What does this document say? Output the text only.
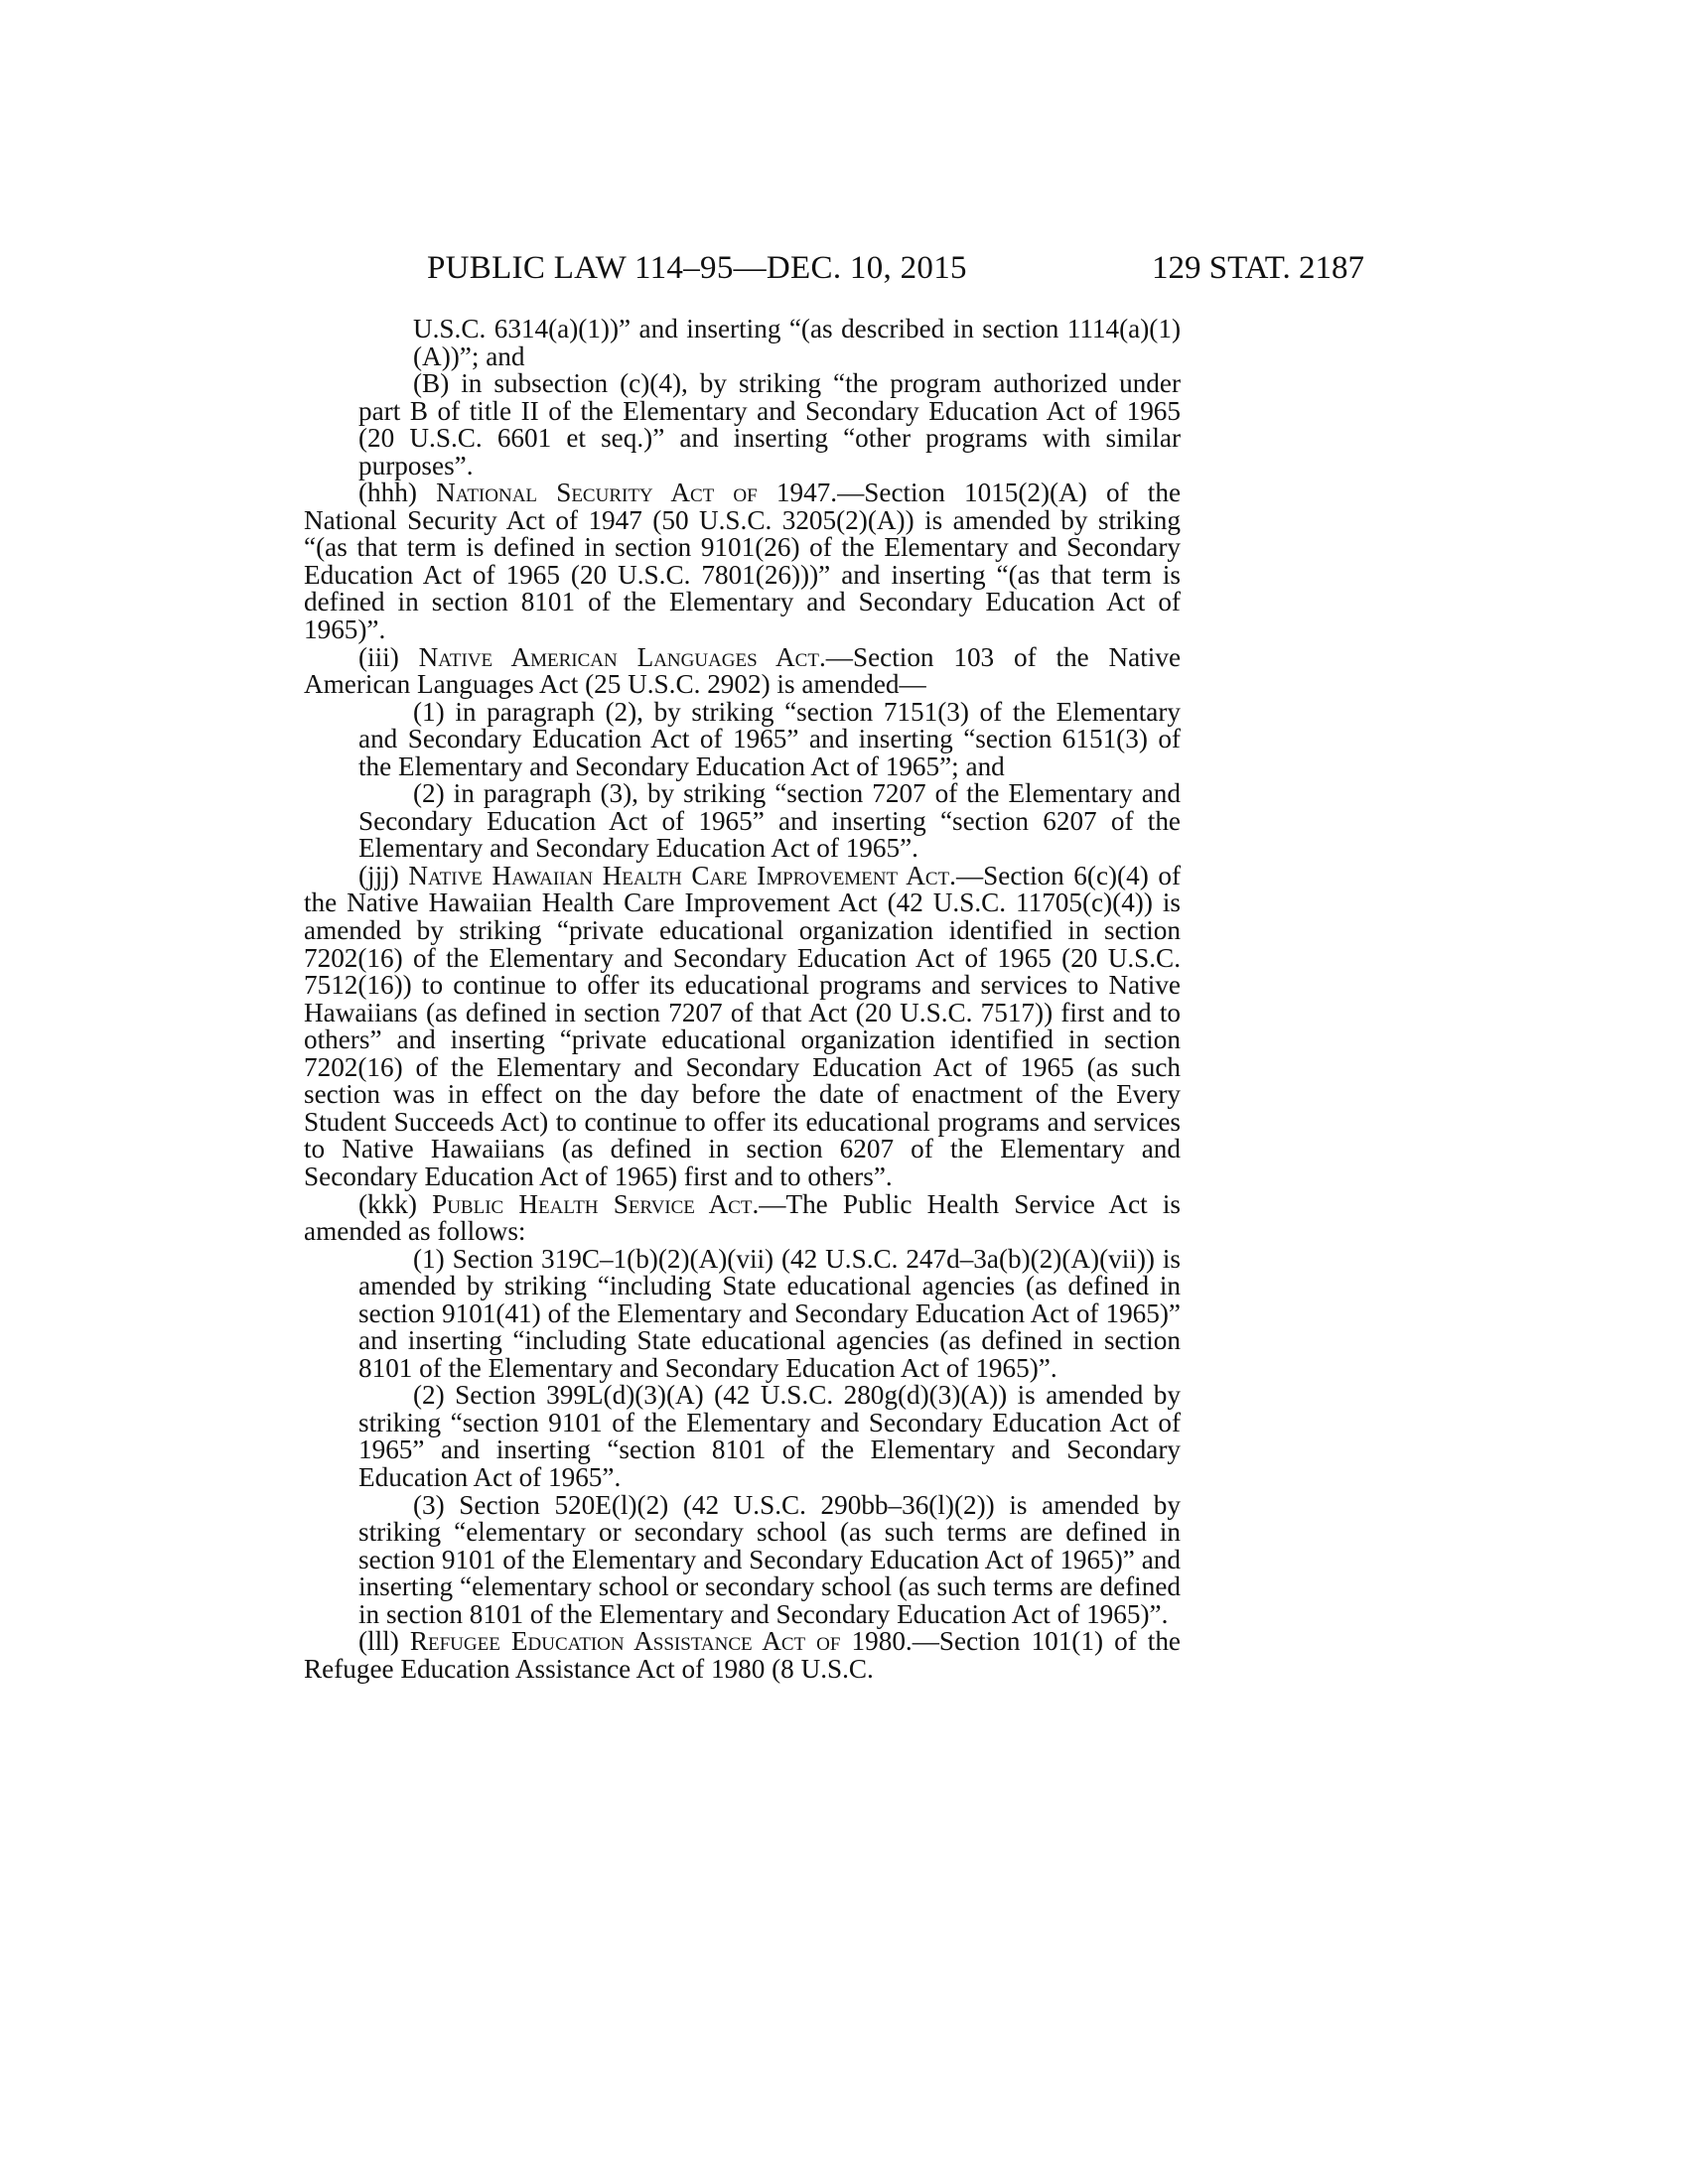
PUBLIC LAW 114–95—DEC. 10, 2015	129 STAT. 2187

U.S.C. 6314(a)(1))” and inserting “(as described in section 1114(a)(1)(A))”; and

(B) in subsection (c)(4), by striking “the program authorized under part B of title II of the Elementary and Secondary Education Act of 1965 (20 U.S.C. 6601 et seq.)” and inserting “other programs with similar purposes”.

(hhh) National Security Act of 1947.—Section 1015(2)(A) of the National Security Act of 1947 (50 U.S.C. 3205(2)(A)) is amended by striking “(as that term is defined in section 9101(26) of the Elementary and Secondary Education Act of 1965 (20 U.S.C. 7801(26)))” and inserting “(as that term is defined in section 8101 of the Elementary and Secondary Education Act of 1965)”.

(iii) Native American Languages Act.—Section 103 of the Native American Languages Act (25 U.S.C. 2902) is amended—

(1) in paragraph (2), by striking “section 7151(3) of the Elementary and Secondary Education Act of 1965” and inserting “section 6151(3) of the Elementary and Secondary Education Act of 1965”; and

(2) in paragraph (3), by striking “section 7207 of the Elementary and Secondary Education Act of 1965” and inserting “section 6207 of the Elementary and Secondary Education Act of 1965”.

(jjj) Native Hawaiian Health Care Improvement Act.—Section 6(c)(4) of the Native Hawaiian Health Care Improvement Act (42 U.S.C. 11705(c)(4)) is amended by striking “private educational organization identified in section 7202(16) of the Elementary and Secondary Education Act of 1965 (20 U.S.C. 7512(16)) to continue to offer its educational programs and services to Native Hawaiians (as defined in section 7207 of that Act (20 U.S.C. 7517)) first and to others” and inserting “private educational organization identified in section 7202(16) of the Elementary and Secondary Education Act of 1965 (as such section was in effect on the day before the date of enactment of the Every Student Succeeds Act) to continue to offer its educational programs and services to Native Hawaiians (as defined in section 6207 of the Elementary and Secondary Education Act of 1965) first and to others”.

(kkk) Public Health Service Act.—The Public Health Service Act is amended as follows:

(1) Section 319C–1(b)(2)(A)(vii) (42 U.S.C. 247d–3a(b)(2)(A)(vii)) is amended by striking “including State educational agencies (as defined in section 9101(41) of the Elementary and Secondary Education Act of 1965)” and inserting “including State educational agencies (as defined in section 8101 of the Elementary and Secondary Education Act of 1965)”.

(2) Section 399L(d)(3)(A) (42 U.S.C. 280g(d)(3)(A)) is amended by striking “section 9101 of the Elementary and Secondary Education Act of 1965” and inserting “section 8101 of the Elementary and Secondary Education Act of 1965”.

(3) Section 520E(l)(2) (42 U.S.C. 290bb–36(l)(2)) is amended by striking “elementary or secondary school (as such terms are defined in section 9101 of the Elementary and Secondary Education Act of 1965)” and inserting “elementary school or secondary school (as such terms are defined in section 8101 of the Elementary and Secondary Education Act of 1965)”.

(lll) Refugee Education Assistance Act of 1980.—Section 101(1) of the Refugee Education Assistance Act of 1980 (8 U.S.C.
